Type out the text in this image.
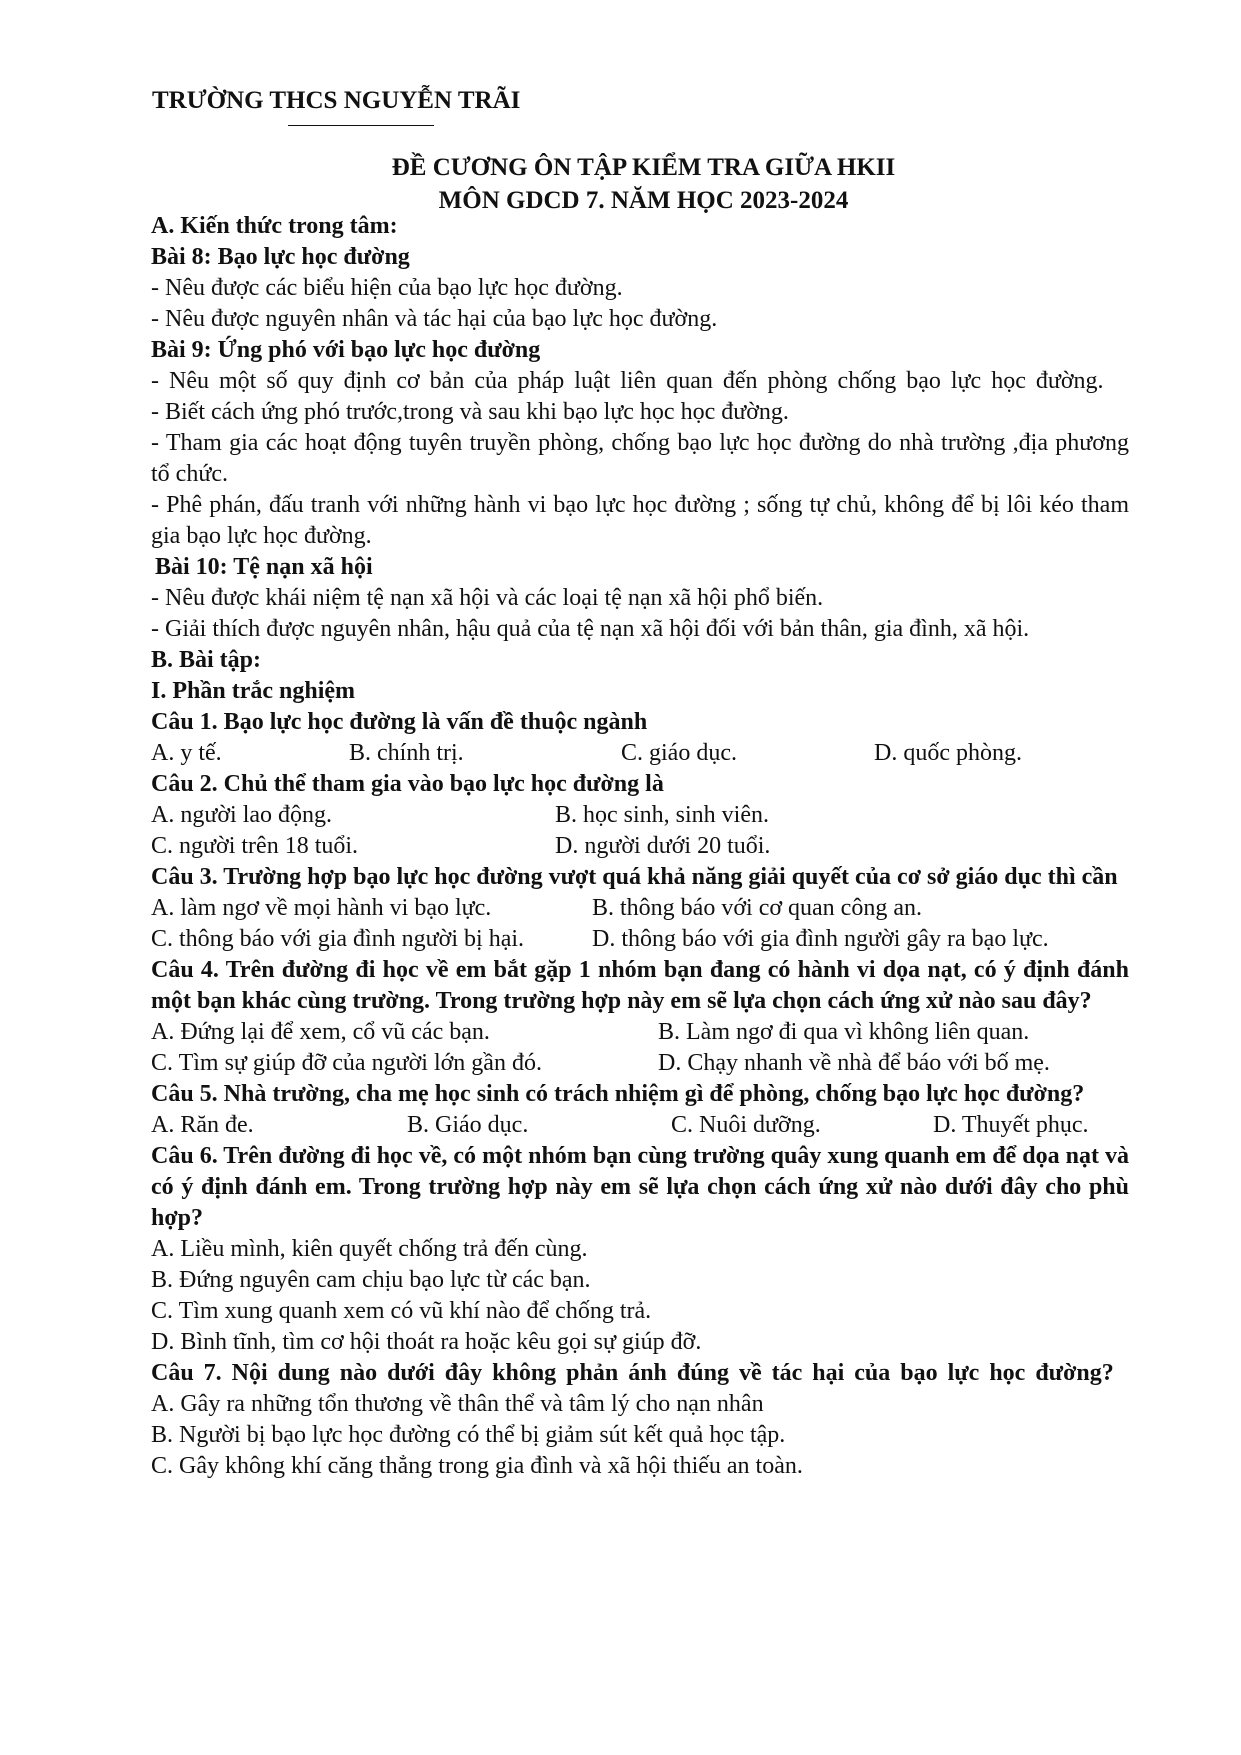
TRƯỜNG THCS NGUYỄN TRÃI
ĐỀ CƯƠNG ÔN TẬP KIỂM TRA GIỮA HKII
MÔN GDCD 7. NĂM HỌC 2023-2024
A. Kiến thức trong tâm:
Bài 8: Bạo lực học đường
- Nêu được các biểu hiện của bạo lực học đường.
- Nêu được nguyên nhân và tác hại của bạo lực học đường.
Bài 9: Ứng phó với bạo lực học đường
- Nêu một số quy định cơ bản của pháp luật liên quan đến phòng chống bạo lực học đường.
- Biết cách ứng phó trước,trong và sau khi bạo lực học học đường.
- Tham gia các hoạt động tuyên truyền phòng, chống bạo lực học đường do nhà trường ,địa phương tổ chức.
- Phê phán, đấu tranh với những hành vi bạo lực học đường ; sống tự chủ, không để bị lôi kéo tham gia bạo lực học đường.
Bài 10: Tệ nạn xã hội
- Nêu được khái niệm tệ nạn xã hội và các loại tệ nạn xã hội phổ biến.
- Giải thích được nguyên nhân, hậu quả của tệ nạn xã hội đối với bản thân, gia đình, xã hội.
B. Bài tập:
I. Phần trắc nghiệm
Câu 1. Bạo lực học đường là vấn đề thuộc ngành
A. y tế.	B. chính trị.	C. giáo dục.	D. quốc phòng.
Câu 2. Chủ thể tham gia vào bạo lực học đường là
A. người lao động.	B. học sinh, sinh viên.
C. người trên 18 tuổi.	D. người dưới 20 tuổi.
Câu 3. Trường hợp bạo lực học đường vượt quá khả năng giải quyết của cơ sở giáo dục thì cần
A. làm ngơ về mọi hành vi bạo lực.	B. thông báo với cơ quan công an.
C. thông báo với gia đình người bị hại.	D. thông báo với gia đình người gây ra bạo lực.
Câu 4. Trên đường đi học về em bắt gặp 1 nhóm bạn đang có hành vi dọa nạt, có ý định đánh một bạn khác cùng trường. Trong trường hợp này em sẽ lựa chọn cách ứng xử nào sau đây?
A. Đứng lại để xem, cổ vũ các bạn.	B. Làm ngơ đi qua vì không liên quan.
C. Tìm sự giúp đỡ của người lớn gần đó.	D. Chạy nhanh về nhà để báo với bố mẹ.
Câu 5. Nhà trường, cha mẹ học sinh có trách nhiệm gì để phòng, chống bạo lực học đường?
A. Răn đe.	B. Giáo dục.	C. Nuôi dưỡng.	D. Thuyết phục.
Câu 6. Trên đường đi học về, có một nhóm bạn cùng trường quây xung quanh em để dọa nạt và có ý định đánh em. Trong trường hợp này em sẽ lựa chọn cách ứng xử nào dưới đây cho phù hợp?
A. Liều mình, kiên quyết chống trả đến cùng.
B. Đứng nguyên cam chịu bạo lực từ các bạn.
C. Tìm xung quanh xem có vũ khí nào để chống trả.
D. Bình tĩnh, tìm cơ hội thoát ra hoặc kêu gọi sự giúp đỡ.
Câu 7. Nội dung nào dưới đây không phản ánh đúng về tác hại của bạo lực học đường?
A. Gây ra những tổn thương về thân thể và tâm lý cho nạn nhân
B. Người bị bạo lực học đường có thể bị giảm sút kết quả học tập.
C. Gây không khí căng thẳng trong gia đình và xã hội thiếu an toàn.
